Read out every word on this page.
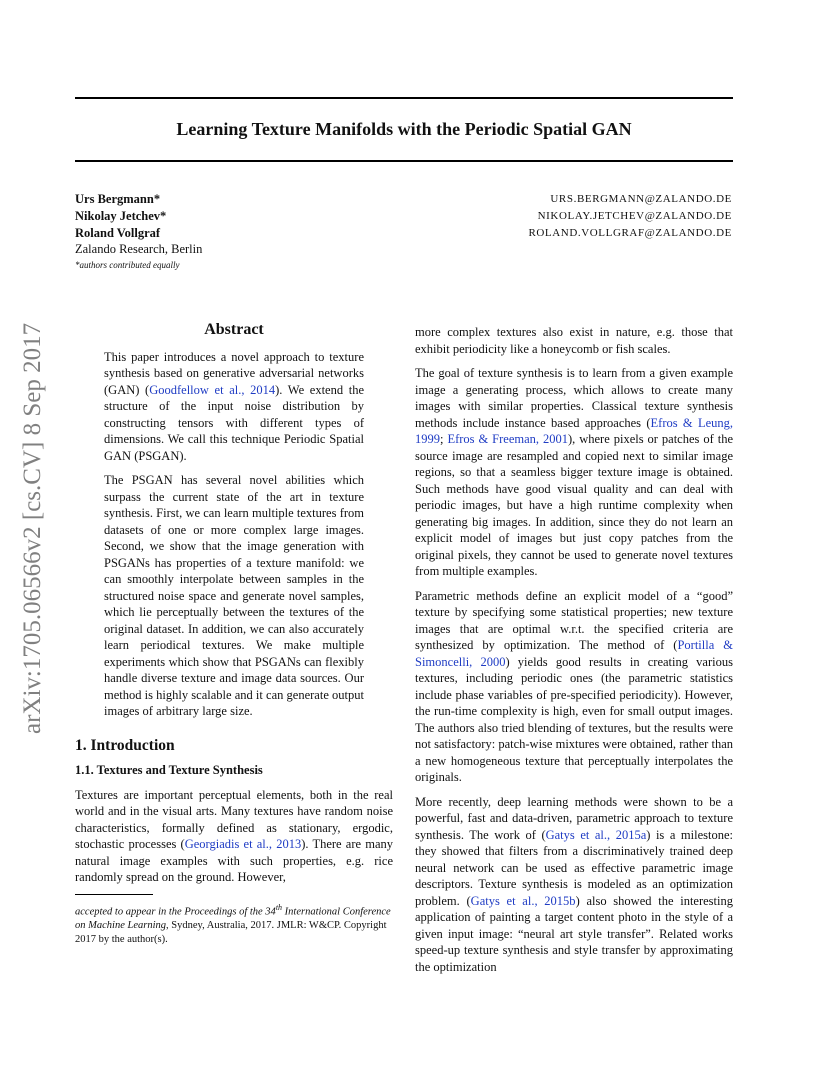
Learning Texture Manifolds with the Periodic Spatial GAN
arXiv:1705.06566v2 [cs.CV] 8 Sep 2017
Urs Bergmann*
Nikolay Jetchev*
Roland Vollgraf
URS.BERGMANN@ZALANDO.DE
NIKOLAY.JETCHEV@ZALANDO.DE
ROLAND.VOLLGRAF@ZALANDO.DE
Zalando Research, Berlin
*authors contributed equally
Abstract

This paper introduces a novel approach to texture synthesis based on generative adversarial networks (GAN) (Goodfellow et al., 2014). We extend the structure of the input noise distribution by constructing tensors with different types of dimensions. We call this technique Periodic Spatial GAN (PSGAN).

The PSGAN has several novel abilities which surpass the current state of the art in texture synthesis. First, we can learn multiple textures from datasets of one or more complex large images. Second, we show that the image generation with PSGANs has properties of a texture manifold: we can smoothly interpolate between samples in the structured noise space and generate novel samples, which lie perceptually between the textures of the original dataset. In addition, we can also accurately learn periodical textures. We make multiple experiments which show that PSGANs can flexibly handle diverse texture and image data sources. Our method is highly scalable and it can generate output images of arbitrary large size.

1. Introduction
1.1. Textures and Texture Synthesis

Textures are important perceptual elements, both in the real world and in the visual arts. Many textures have random noise characteristics, formally defined as stationary, ergodic, stochastic processes (Georgiadis et al., 2013). There are many natural image examples with such properties, e.g. rice randomly spread on the ground. However,

accepted to appear in the Proceedings of the 34th International Conference on Machine Learning, Sydney, Australia, 2017. JMLR: W&CP. Copyright 2017 by the author(s).

more complex textures also exist in nature, e.g. those that exhibit periodicity like a honeycomb or fish scales.

The goal of texture synthesis is to learn from a given example image a generating process, which allows to create many images with similar properties. Classical texture synthesis methods include instance based approaches (Efros & Leung, 1999; Efros & Freeman, 2001), where pixels or patches of the source image are resampled and copied next to similar image regions, so that a seamless bigger texture image is obtained. Such methods have good visual quality and can deal with periodic images, but have a high runtime complexity when generating big images. In addition, since they do not learn an explicit model of images but just copy patches from the original pixels, they cannot be used to generate novel textures from multiple examples.

Parametric methods define an explicit model of a “good” texture by specifying some statistical properties; new texture images that are optimal w.r.t. the specified criteria are synthesized by optimization. The method of (Portilla & Simoncelli, 2000) yields good results in creating various textures, including periodic ones (the parametric statistics include phase variables of pre-specified periodicity). However, the run-time complexity is high, even for small output images. The authors also tried blending of textures, but the results were not satisfactory: patch-wise mixtures were obtained, rather than a new homogeneous texture that perceptually interpolates the originals.

More recently, deep learning methods were shown to be a powerful, fast and data-driven, parametric approach to texture synthesis. The work of (Gatys et al., 2015a) is a milestone: they showed that filters from a discriminatively trained deep neural network can be used as effective parametric image descriptors. Texture synthesis is modeled as an optimization problem. (Gatys et al., 2015b) also showed the interesting application of painting a target content photo in the style of a given input image: “neural art style transfer”. Related works speed-up texture synthesis and style transfer by approximating the optimization
